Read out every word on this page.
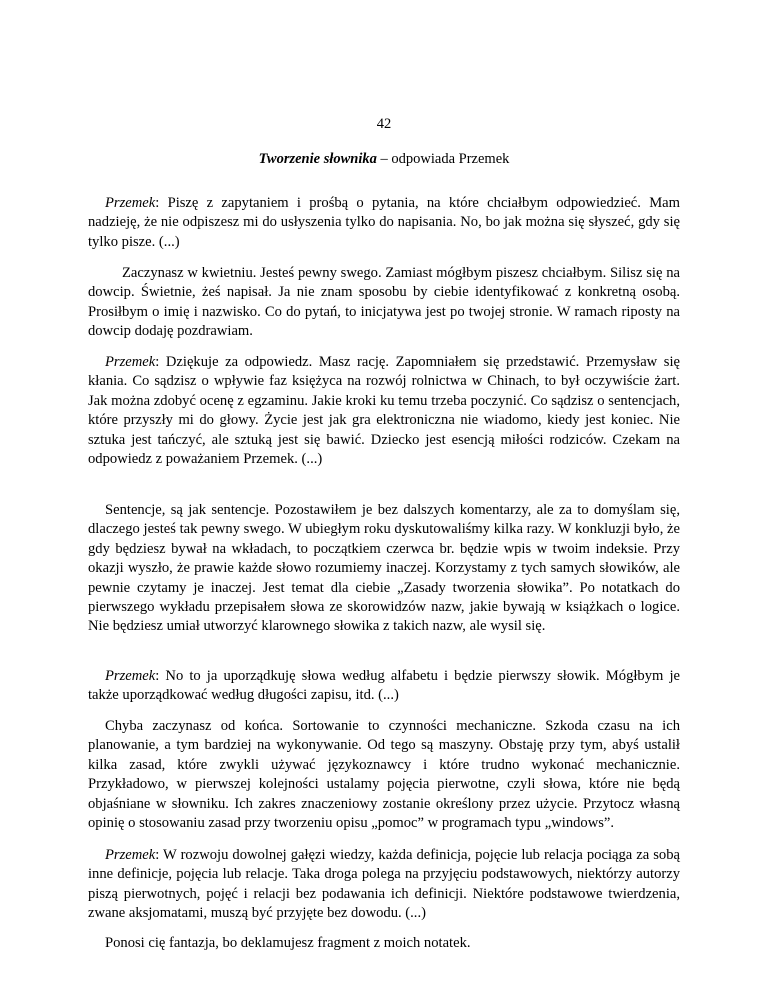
42
Tworzenie słownika – odpowiada Przemek

Przemek: Piszę z zapytaniem i prośbą o pytania, na które chciałbym odpowiedzieć. Mam nadzieję, że nie odpiszesz mi do usłyszenia tylko do napisania. No, bo jak można się słyszeć, gdy się tylko pisze. (...)

Zaczynasz w kwietniu. Jesteś pewny swego. Zamiast mógłbym piszesz chciałbym. Silisz się na dowcip. Świetnie, żeś napisał. Ja nie znam sposobu by ciebie identyfikować z konkretną osobą. Prosiłbym o imię i nazwisko. Co do pytań, to inicjatywa jest po twojej stronie. W ramach riposty na dowcip dodaję pozdrawiam.

Przemek: Dziękuje za odpowiedz. Masz rację. Zapomniałem się przedstawić. Przemysław się kłania. Co sądzisz o wpływie faz księżyca na rozwój rolnictwa w Chinach, to był oczywiście żart. Jak można zdobyć ocenę z egzaminu. Jakie kroki ku temu trzeba poczynić. Co sądzisz o sentencjach, które przyszły mi do głowy. Życie jest jak gra elektroniczna nie wiadomo, kiedy jest koniec. Nie sztuka jest tańczyć, ale sztuką jest się bawić. Dziecko jest esencją miłości rodziców. Czekam na odpowiedz z poważaniem Przemek. (...)

Sentencje, są jak sentencje. Pozostawiłem je bez dalszych komentarzy, ale za to domyślam się, dlaczego jesteś tak pewny swego. W ubiegłym roku dyskutowaliśmy kilka razy. W konkluzji było, że gdy będziesz bywał na wkładach, to początkiem czerwca br. będzie wpis w twoim indeksie. Przy okazji wyszło, że prawie każde słowo rozumiemy inaczej. Korzystamy z tych samych słowików, ale pewnie czytamy je inaczej. Jest temat dla ciebie „Zasady tworzenia słowika”. Po notatkach do pierwszego wykładu przepisałem słowa ze skorowidzów nazw, jakie bywają w książkach o logice. Nie będziesz umiał utworzyć klarownego słowika z takich nazw, ale wysil się.

Przemek: No to ja uporządkuję słowa według alfabetu i będzie pierwszy słowik. Mógłbym je także uporządkować według długości zapisu, itd. (...)

Chyba zaczynasz od końca. Sortowanie to czynności mechaniczne. Szkoda czasu na ich planowanie, a tym bardziej na wykonywanie. Od tego są maszyny. Obstaję przy tym, abyś ustalił kilka zasad, które zwykli używać językoznawcy i które trudno wykonać mechanicznie. Przykładowo, w pierwszej kolejności ustalamy pojęcia pierwotne, czyli słowa, które nie będą objaśniane w słowniku. Ich zakres znaczeniowy zostanie określony przez użycie. Przytocz własną opinię o stosowaniu zasad przy tworzeniu opisu „pomoc” w programach typu „windows”.

Przemek: W rozwoju dowolnej gałęzi wiedzy, każda definicja, pojęcie lub relacja pociąga za sobą inne definicje, pojęcia lub relacje. Taka droga polega na przyjęciu podstawowych, niektórzy autorzy piszą pierwotnych, pojęć i relacji bez podawania ich definicji. Niektóre podstawowe twierdzenia, zwane aksjomatami, muszą być przyjęte bez dowodu. (...)

Ponosi cię fantazja, bo deklamujesz fragment z moich notatek.
